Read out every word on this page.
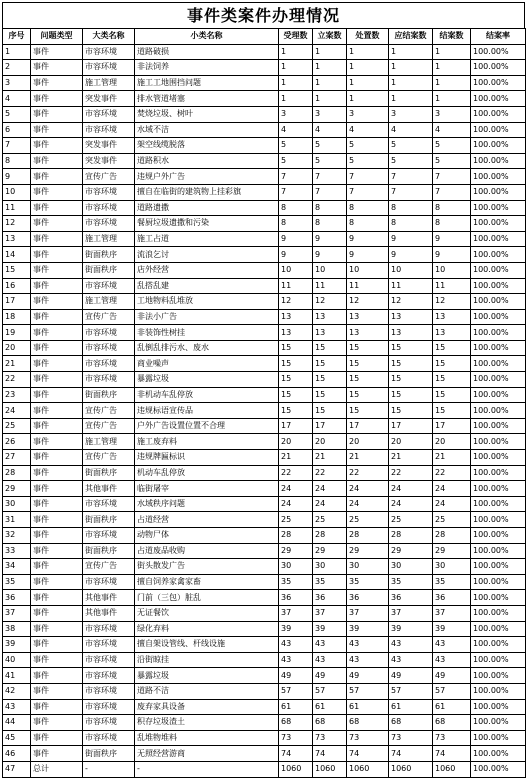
事件类案件办理情况
序号	问题类型	大类名称	小类名称	受理数	立案数	处置数	应结案数	结案数	结案率
1	事件	市容环境	道路破损	1	1	1	1	1	100.00%
2	事件	市容环境	非法饲养	1	1	1	1	1	100.00%
3	事件	施工管理	施工工地围挡问题	1	1	1	1	1	100.00%
4	事件	突发事件	排水管道堵塞	1	1	1	1	1	100.00%
5	事件	市容环境	焚烧垃圾、树叶	3	3	3	3	3	100.00%
6	事件	市容环境	水域不洁	4	4	4	4	4	100.00%
7	事件	突发事件	架空线缆脱落	5	5	5	5	5	100.00%
8	事件	突发事件	道路积水	5	5	5	5	5	100.00%
9	事件	宣传广告	违规户外广告	7	7	7	7	7	100.00%
10	事件	市容环境	擅自在临街的建筑物上挂彩旗	7	7	7	7	7	100.00%
11	事件	市容环境	道路遗撒	8	8	8	8	8	100.00%
12	事件	市容环境	餐厨垃圾遗撒和污染	8	8	8	8	8	100.00%
13	事件	施工管理	施工占道	9	9	9	9	9	100.00%
14	事件	街面秩序	流浪乞讨	9	9	9	9	9	100.00%
15	事件	街面秩序	店外经营	10	10	10	10	10	100.00%
16	事件	市容环境	乱搭乱建	11	11	11	11	11	100.00%
17	事件	施工管理	工地物料乱堆放	12	12	12	12	12	100.00%
18	事件	宣传广告	非法小广告	13	13	13	13	13	100.00%
19	事件	市容环境	非装饰性树挂	13	13	13	13	13	100.00%
20	事件	市容环境	乱倒乱排污水、废水	15	15	15	15	15	100.00%
21	事件	市容环境	商业噪声	15	15	15	15	15	100.00%
22	事件	市容环境	暴露垃圾	15	15	15	15	15	100.00%
23	事件	街面秩序	非机动车乱停放	15	15	15	15	15	100.00%
24	事件	宣传广告	违规标语宣传品	15	15	15	15	15	100.00%
25	事件	宣传广告	户外广告设置位置不合理	17	17	17	17	17	100.00%
26	事件	施工管理	施工废弃料	20	20	20	20	20	100.00%
27	事件	宣传广告	违规牌匾标识	21	21	21	21	21	100.00%
28	事件	街面秩序	机动车乱停放	22	22	22	22	22	100.00%
29	事件	其他事件	临街屠宰	24	24	24	24	24	100.00%
30	事件	市容环境	水域秩序问题	24	24	24	24	24	100.00%
31	事件	街面秩序	占道经营	25	25	25	25	25	100.00%
32	事件	市容环境	动物尸体	28	28	28	28	28	100.00%
33	事件	街面秩序	占道废品收购	29	29	29	29	29	100.00%
34	事件	宣传广告	街头散发广告	30	30	30	30	30	100.00%
35	事件	市容环境	擅自饲养家禽家畜	35	35	35	35	35	100.00%
36	事件	其他事件	门前（三包）脏乱	36	36	36	36	36	100.00%
37	事件	其他事件	无证餐饮	37	37	37	37	37	100.00%
38	事件	市容环境	绿化弃料	39	39	39	39	39	100.00%
39	事件	市容环境	擅自架设管线、杆线设施	43	43	43	43	43	100.00%
40	事件	市容环境	沿街晾挂	43	43	43	43	43	100.00%
41	事件	市容环境	暴露垃圾	49	49	49	49	49	100.00%
42	事件	市容环境	道路不洁	57	57	57	57	57	100.00%
43	事件	市容环境	废弃家具设备	61	61	61	61	61	100.00%
44	事件	市容环境	积存垃圾渣土	68	68	68	68	68	100.00%
45	事件	市容环境	乱堆物堆料	73	73	73	73	73	100.00%
46	事件	街面秩序	无照经营游商	74	74	74	74	74	100.00%
47	总计	-	-	1060	1060	1060	1060	1060	100.00%
